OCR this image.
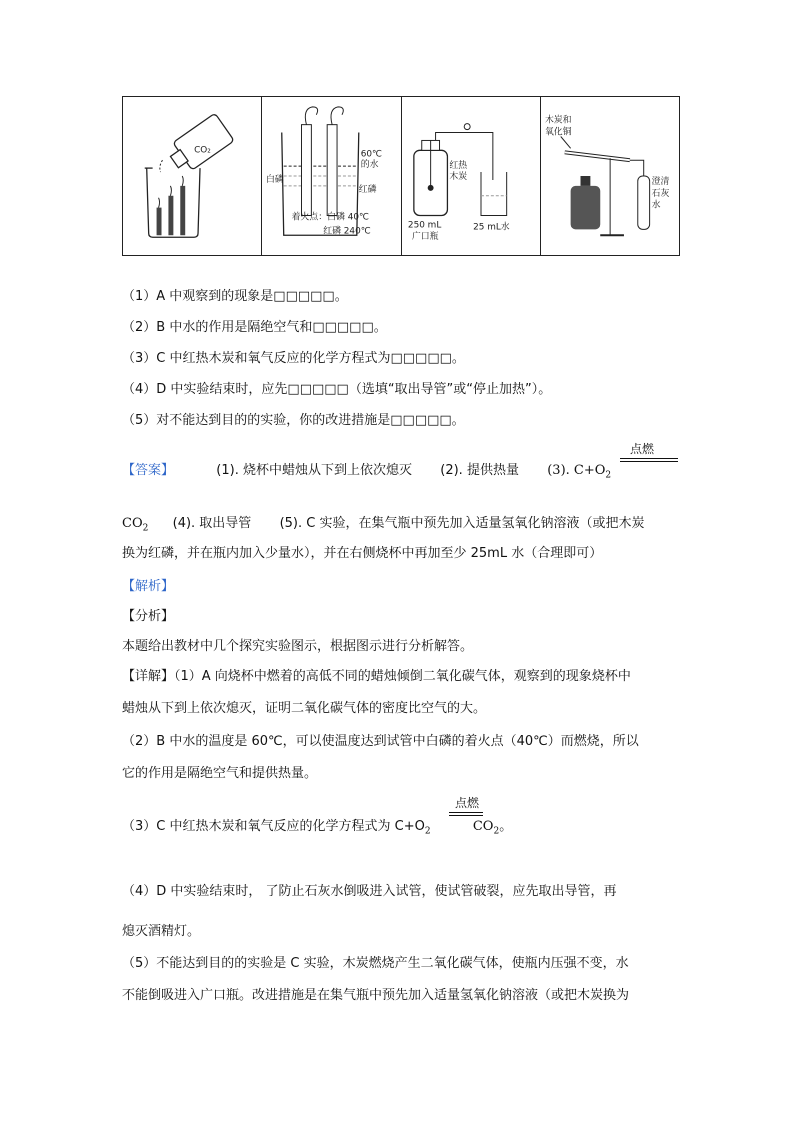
CO₂	60℃
的水
白磷
红磷
着火点：白磷 40℃
红磷 240℃
红热
木炭
250 mL
广口瓶
25 mL水
木炭和
氧化铜
澄清
石灰
水
（1）A 中观察到的现象是□□□□□。
（2）B 中水的作用是隔绝空气和□□□□□。
（3）C 中红热木炭和氧气反应的化学方程式为□□□□□。
（4）D 中实验结束时，应先□□□□□（选填“取出导管”或“停止加热”）。
（5）对不能达到目的的实验，你的改进措施是□□□□□。
【答案】	(1). 烧杯中蜡烛从下到上依次熄灭 (2). 提供热量 (3). $C+O_2$
点燃
$CO_2$ (4). 取出导管 (5). C 实验，在集气瓶中预先加入适量氢氧化钠溶液（或把木炭
换为红磷，并在瓶内加入少量水），并在右侧烧杯中再加至少 25mL 水（合理即可）
【解析】
【分析】
本题给出教材中几个探究实验图示，根据图示进行分析解答。
【详解】（1）A 向烧杯中燃着的高低不同的蜡烛倾倒二氧化碳气体，观察到的现象烧杯中
蜡烛从下到上依次熄灭，证明二氧化碳气体的密度比空气的大。
（2）B 中水的温度是 60℃，可以使温度达到试管中白磷的着火点（40℃）而燃烧，所以
它的作用是隔绝空气和提供热量。
（3）C 中红热木炭和氧气反应的化学方程式为 $C+O_2$	$CO_2$。
点燃
（4）D 中实验结束时， 了防止石灰水倒吸进入试管，使试管破裂，应先取出导管，再
熄灭酒精灯。
（5）不能达到目的的实验是 C 实验，木炭燃烧产生二氧化碳气体，使瓶内压强不变，水
不能倒吸进入广口瓶。改进措施是在集气瓶中预先加入适量氢氧化钠溶液（或把木炭换为
